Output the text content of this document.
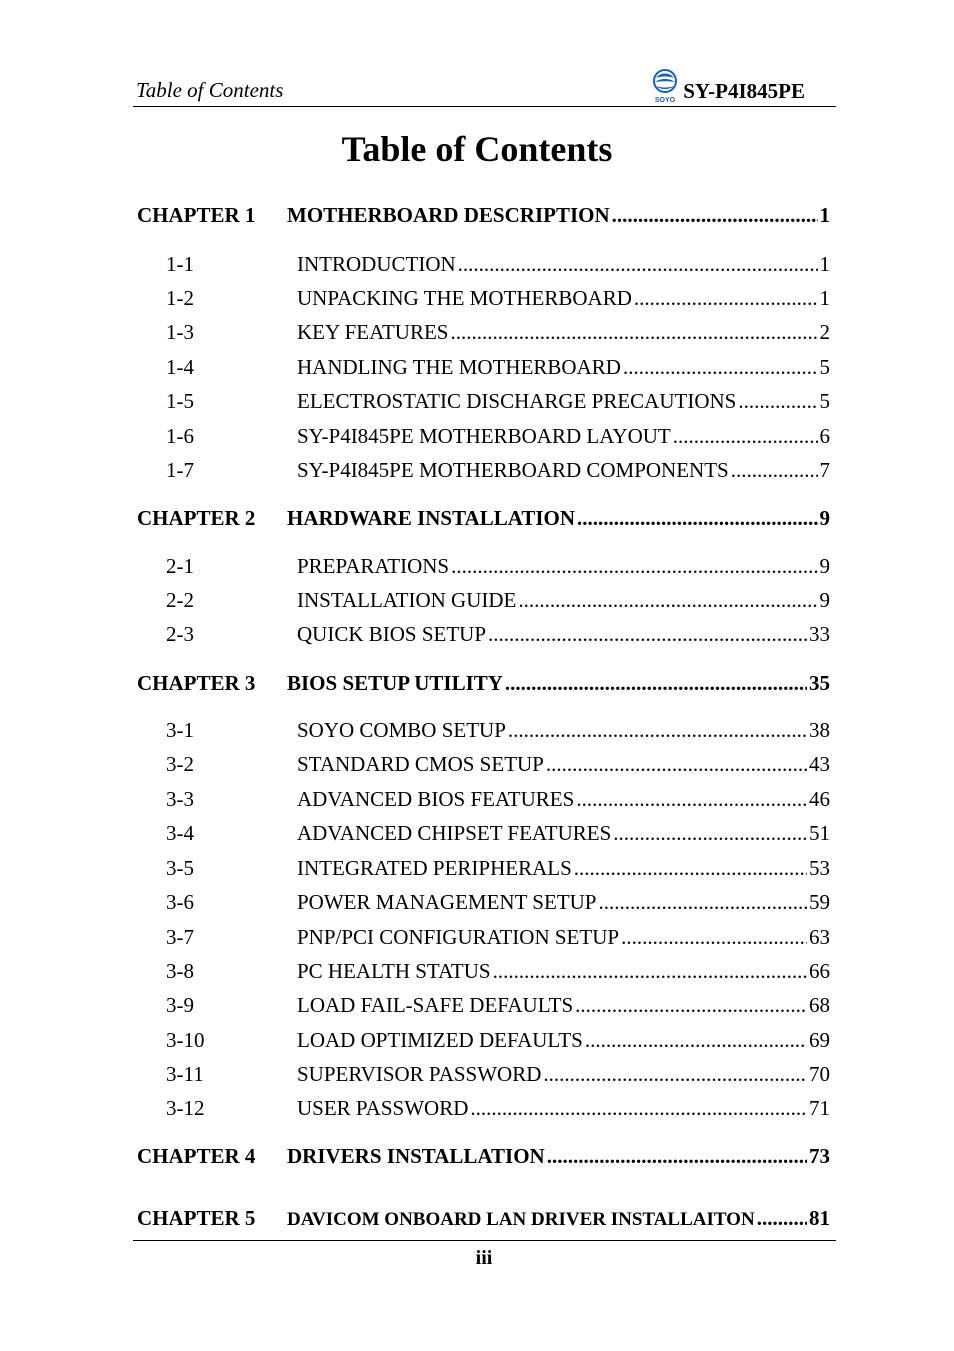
Table of Contents	SOYO SY-P4I845PE
Table of Contents
CHAPTER 1	MOTHERBOARD DESCRIPTION .....	1
1-1	INTRODUCTION .....	1
1-2	UNPACKING THE MOTHERBOARD .....	1
1-3	KEY FEATURES .....	2
1-4	HANDLING THE MOTHERBOARD .....	5
1-5	ELECTROSTATIC DISCHARGE PRECAUTIONS .....	5
1-6	SY-P4I845PE MOTHERBOARD LAYOUT .....	6
1-7	SY-P4I845PE MOTHERBOARD COMPONENTS .....	7
CHAPTER 2	HARDWARE INSTALLATION .....	9
2-1	PREPARATIONS .....	9
2-2	INSTALLATION GUIDE .....	9
2-3	QUICK BIOS SETUP .....	33
CHAPTER 3	BIOS SETUP UTILITY .....	35
3-1	SOYO COMBO SETUP .....	38
3-2	STANDARD CMOS SETUP .....	43
3-3	ADVANCED BIOS FEATURES .....	46
3-4	ADVANCED CHIPSET FEATURES .....	51
3-5	INTEGRATED PERIPHERALS .....	53
3-6	POWER MANAGEMENT SETUP .....	59
3-7	PNP/PCI CONFIGURATION SETUP .....	63
3-8	PC HEALTH STATUS .....	66
3-9	LOAD FAIL-SAFE DEFAULTS .....	68
3-10	LOAD OPTIMIZED DEFAULTS .....	69
3-11	SUPERVISOR PASSWORD .....	70
3-12	USER PASSWORD .....	71
CHAPTER 4	DRIVERS INSTALLATION .....	73
CHAPTER 5	DAVICOM ONBOARD LAN DRIVER INSTALLAITON .....	81
iii
